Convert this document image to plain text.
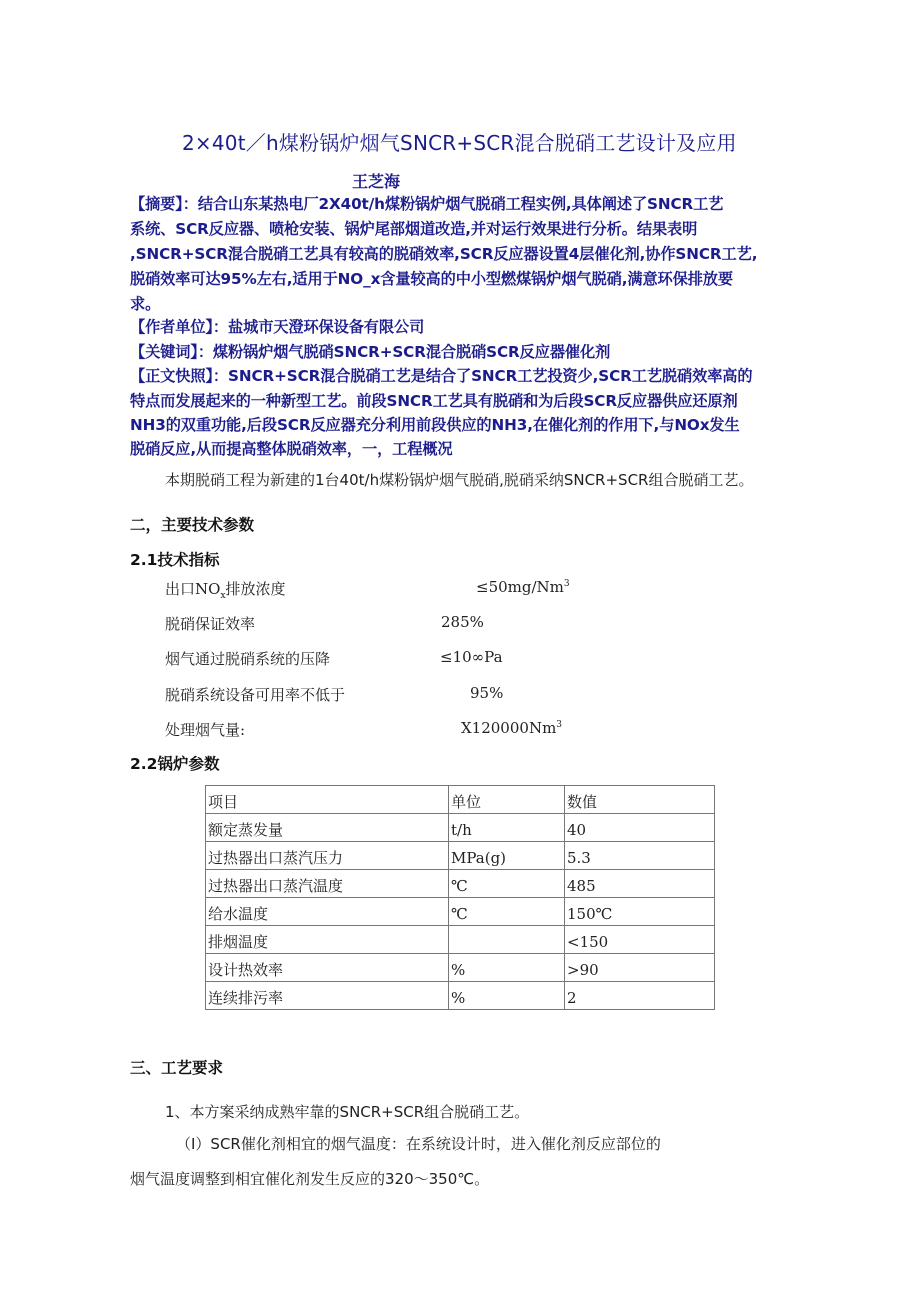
2×40t／h煤粉锅炉烟气SNCR+SCR混合脱硝工艺设计及应用
王芝海
【摘要】：结合山东某热电厂2X40t/h煤粉锅炉烟气脱硝工程实例,具体阐述了SNCR工艺
系统、SCR反应器、喷枪安装、锅炉尾部烟道改造,并对运行效果进行分析。结果表明
,SNCR+SCR混合脱硝工艺具有较高的脱硝效率,SCR反应器设置4层催化剂,协作SNCR工艺,
脱硝效率可达95%左右,适用于NO_x含量较高的中小型燃煤锅炉烟气脱硝,满意环保排放要
求。
【作者单位】：盐城市天澄环保设备有限公司
【关键词】：煤粉锅炉烟气脱硝SNCR+SCR混合脱硝SCR反应器催化剂
【正文快照】：SNCR+SCR混合脱硝工艺是结合了SNCR工艺投资少,SCR工艺脱硝效率高的
特点而发展起来的一种新型工艺。前段SNCR工艺具有脱硝和为后段SCR反应器供应还原剂
NH3的双重功能,后段SCR反应器充分利用前段供应的NH3,在催化剂的作用下,与NOx发生
脱硝反应,从而提高整体脱硝效率，一，工程概况
本期脱硝工程为新建的1台40t/h煤粉锅炉烟气脱硝,脱硝采纳SNCR+SCR组合脱硝工艺。
二，主要技术参数
2.1技术指标
出口$NO_x$排放浓度	$\le 50mg/Nm^3$
脱硝保证效率	285%
烟气通过脱硝系统的压降	≤10∞Pa
脱硝系统设备可用率不低于	95%
处理烟气量:	X120000Nm$^3$
2.2锅炉参数
项目	单位	数值
额定蒸发量	t/h	40
过热器出口蒸汽压力	MPa(g)	5.3
过热器出口蒸汽温度	℃	485
给水温度	℃	150℃
排烟温度		<150
设计热效率	%	>90
连续排污率	%	2
三、工艺要求
1、本方案采纳成熟牢靠的SNCR+SCR组合脱硝工艺。
（I）SCR催化剂相宜的烟气温度：在系统设计时，进入催化剂反应部位的
烟气温度调整到相宜催化剂发生反应的320～350℃。
